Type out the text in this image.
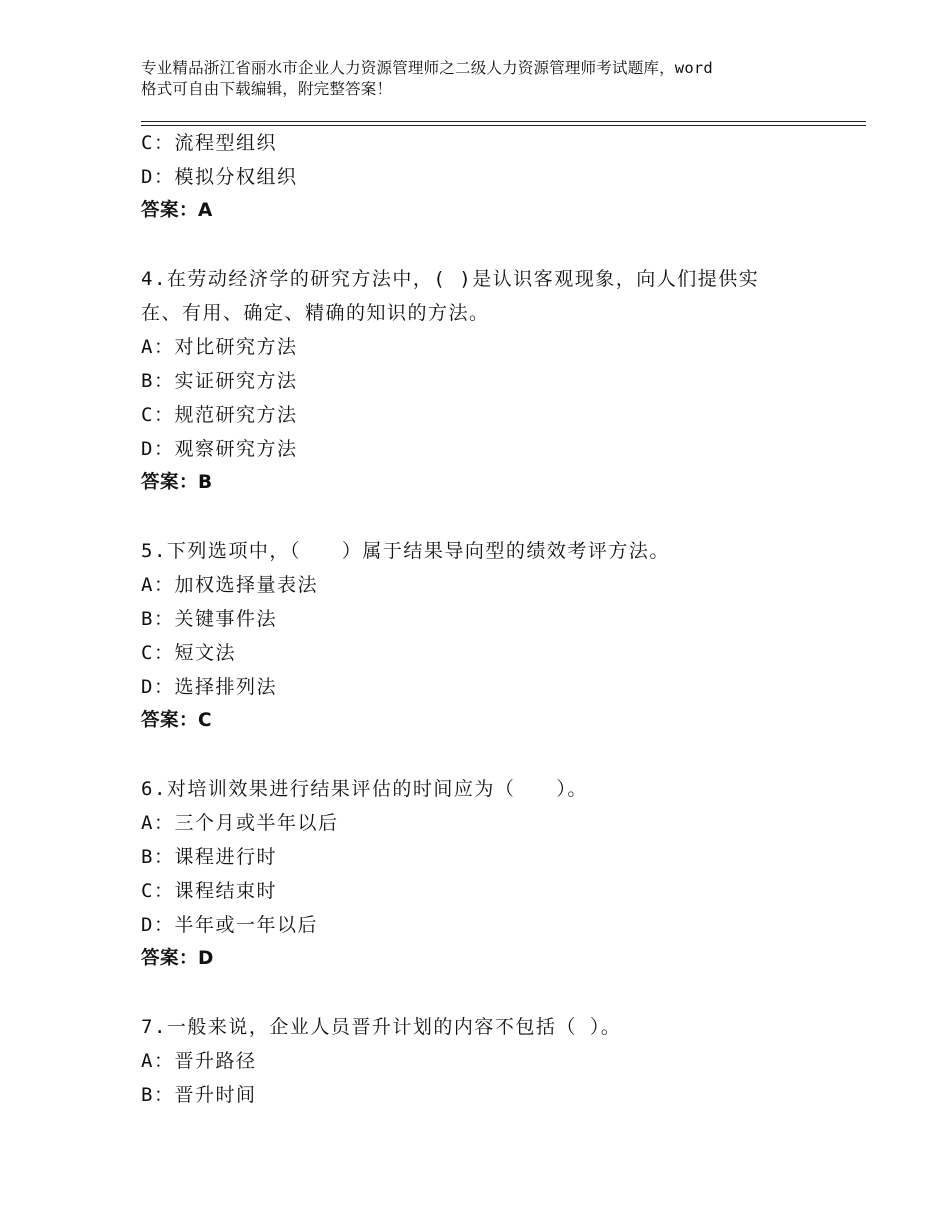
专业精品浙江省丽水市企业人力资源管理师之二级人力资源管理师考试题库，word
格式可自由下载编辑，附完整答案！
C：流程型组织
D：模拟分权组织
答案：A
4.在劳动经济学的研究方法中，( )是认识客观现象，向人们提供实
在、有用、确定、精确的知识的方法。
A：对比研究方法
B：实证研究方法
C：规范研究方法
D：观察研究方法
答案：B
5.下列选项中，（　　）属于结果导向型的绩效考评方法。
A：加权选择量表法
B：关键事件法
C：短文法
D：选择排列法
答案：C
6.对培训效果进行结果评估的时间应为（　　）。
A：三个月或半年以后
B：课程进行时
C：课程结束时
D：半年或一年以后
答案：D
7.一般来说，企业人员晋升计划的内容不包括（ ）。
A：晋升路径
B：晋升时间
